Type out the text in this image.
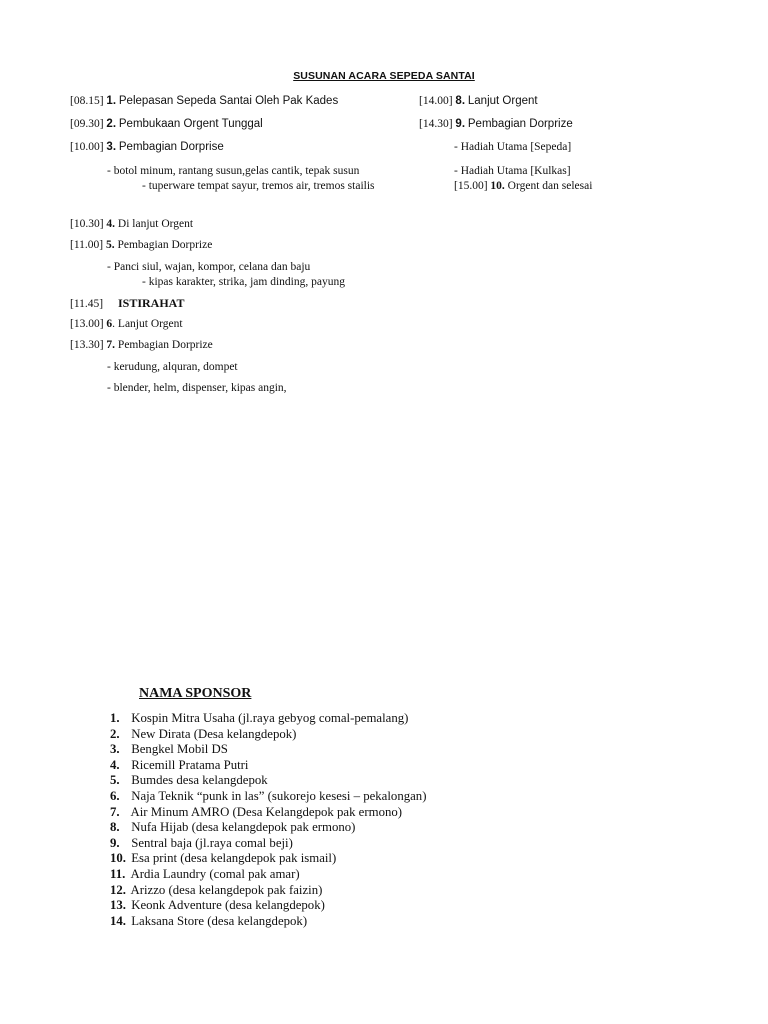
SUSUNAN ACARA SEPEDA SANTAI
[08.15] 1. Pelepasan Sepeda Santai Oleh Pak Kades
[09.30] 2. Pembukaan Orgent Tunggal
[10.00] 3. Pembagian Dorprise
- botol minum, rantang susun,gelas cantik, tepak susun
- tuperware tempat sayur, tremos air, tremos stailis
[10.30] 4. Di lanjut Orgent
[11.00] 5. Pembagian Dorprize
- Panci siul, wajan, kompor, celana dan baju
- kipas karakter, strika, jam dinding, payung
[11.45] ISTIRAHAT
[13.00] 6. Lanjut Orgent
[13.30] 7. Pembagian Dorprize
- kerudung, alquran, dompet
- blender, helm, dispenser, kipas angin,
[14.00] 8. Lanjut Orgent
[14.30] 9. Pembagian Dorprize
- Hadiah Utama [Sepeda]
- Hadiah Utama [Kulkas]
[15.00] 10. Orgent dan selesai
NAMA SPONSOR
1. Kospin Mitra Usaha (jl.raya gebyog comal-pemalang)
2. New Dirata (Desa kelangdepok)
3. Bengkel Mobil DS
4. Ricemill Pratama Putri
5. Bumdes desa kelangdepok
6. Naja Teknik “punk in las” (sukorejo kesesi – pekalongan)
7. Air Minum AMRO (Desa Kelangdepok pak ermono)
8. Nufa Hijab (desa kelangdepok pak ermono)
9. Sentral baja (jl.raya comal beji)
10. Esa print (desa kelangdepok pak ismail)
11. Ardia Laundry (comal pak amar)
12. Arizzo (desa kelangdepok pak faizin)
13. Keonk Adventure (desa kelangdepok)
14. Laksana Store (desa kelangdepok)
